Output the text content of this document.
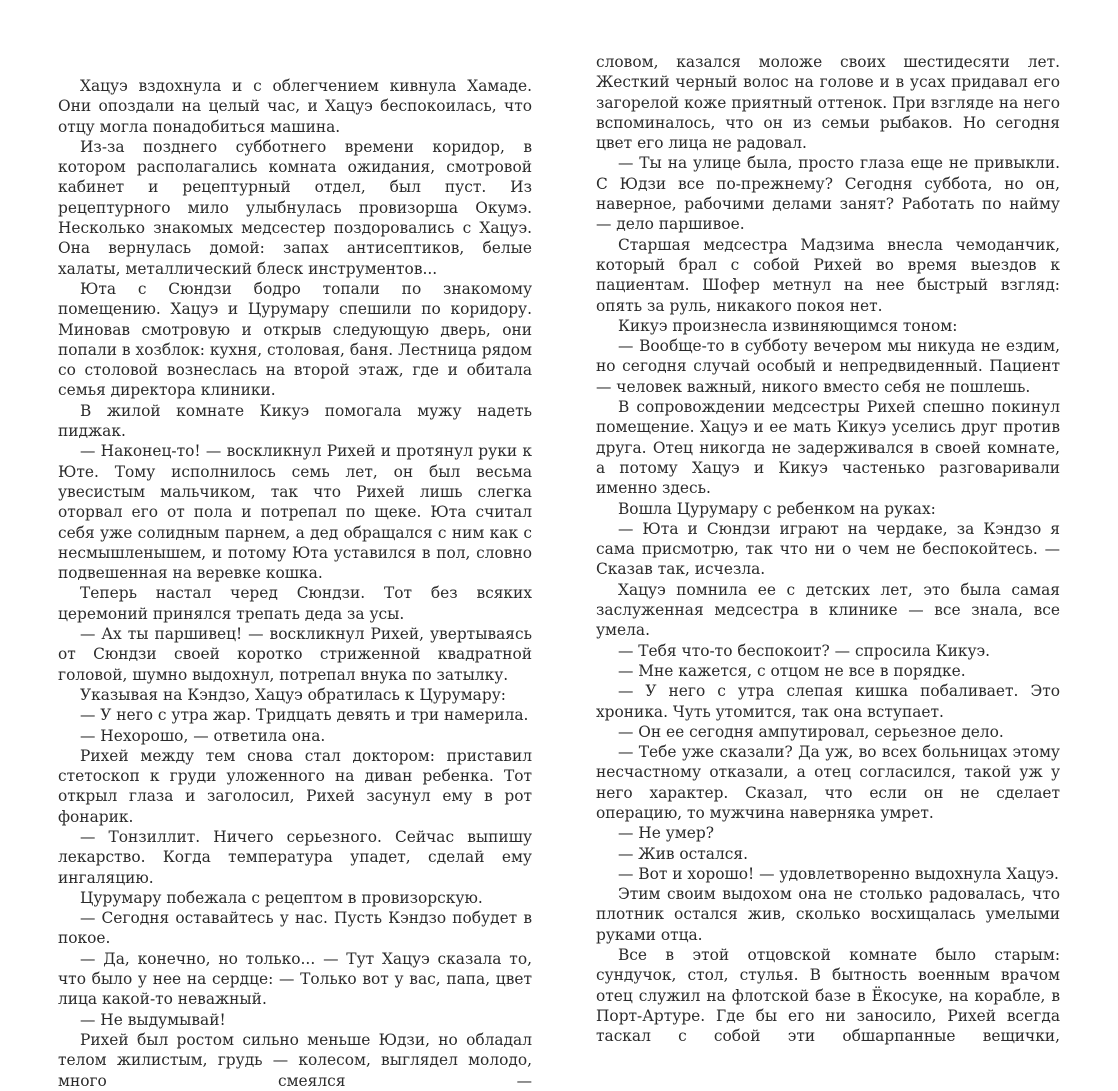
Хацуэ вздохнула и с облегчением кивнула Хамаде. Они опоздали на целый час, и Хацуэ беспокоилась, что отцу могла понадобиться машина.

Из-за позднего субботнего времени коридор, в котором располагались комната ожидания, смотровой кабинет и рецептурный отдел, был пуст. Из рецептурного мило улыбнулась провизорша Окумэ. Несколько знакомых медсестер поздоровались с Хацуэ. Она вернулась домой: запах антисептиков, белые халаты, металлический блеск инструментов...

Юта с Сюндзи бодро топали по знакомому помещению. Хацуэ и Цурумару спешили по коридору. Миновав смотровую и открыв следующую дверь, они попали в хозблок: кухня, столовая, баня. Лестница рядом со столовой вознеслась на второй этаж, где и обитала семья директора клиники.

В жилой комнате Кикуэ помогала мужу надеть пиджак.

— Наконец-то! — воскликнул Рихей и протянул руки к Юте. Тому исполнилось семь лет, он был весьма увесистым мальчиком, так что Рихей лишь слегка оторвал его от пола и потрепал по щеке. Юта считал себя уже солидным парнем, а дед обращался с ним как с несмышленышем, и потому Юта уставился в пол, словно подвешенная на веревке кошка.

Теперь настал черед Сюндзи. Тот без всяких церемоний принялся трепать деда за усы.

— Ах ты паршивец! — воскликнул Рихей, увертываясь от Сюндзи своей коротко стриженной квадратной головой, шумно выдохнул, потрепал внука по затылку.

Указывая на Кэндзо, Хацуэ обратилась к Цурумару:

— У него с утра жар. Тридцать девять и три намерила.

— Нехорошо, — ответила она.

Рихей между тем снова стал доктором: приставил стетоскоп к груди уложенного на диван ребенка. Тот открыл глаза и заголосил, Рихей засунул ему в рот фонарик.

— Тонзиллит. Ничего серьезного. Сейчас выпишу лекарство. Когда температура упадет, сделай ему ингаляцию.

Цурумару побежала с рецептом в провизорскую.

— Сегодня оставайтесь у нас. Пусть Кэндзо побудет в покое.

— Да, конечно, но только... — Тут Хацуэ сказала то, что было у нее на сердце: — Только вот у вас, папа, цвет лица какой-то неважный.

— Не выдумывай!

Рихей был ростом сильно меньше Юдзи, но обладал телом жилистым, грудь — колесом, выглядел молодо, много смеялся —

словом, казался моложе своих шестидесяти лет. Жесткий черный волос на голове и в усах придавал его загорелой коже приятный оттенок. При взгляде на него вспоминалось, что он из семьи рыбаков. Но сегодня цвет его лица не радовал.

— Ты на улице была, просто глаза еще не привыкли. С Юдзи все по-прежнему? Сегодня суббота, но он, наверное, рабочими делами занят? Работать по найму — дело паршивое.

Старшая медсестра Мадзима внесла чемоданчик, который брал с собой Рихей во время выездов к пациентам. Шофер метнул на нее быстрый взгляд: опять за руль, никакого покоя нет.

Кикуэ произнесла извиняющимся тоном:

— Вообще-то в субботу вечером мы никуда не ездим, но сегодня случай особый и непредвиденный. Пациент — человек важный, никого вместо себя не пошлешь.

В сопровождении медсестры Рихей спешно покинул помещение. Хацуэ и ее мать Кикуэ уселись друг против друга. Отец никогда не задерживался в своей комнате, а потому Хацуэ и Кикуэ частенько разговаривали именно здесь.

Вошла Цурумару с ребенком на руках:

— Юта и Сюндзи играют на чердаке, за Кэндзо я сама присмотрю, так что ни о чем не беспокойтесь. — Сказав так, исчезла.

Хацуэ помнила ее с детских лет, это была самая заслуженная медсестра в клинике — все знала, все умела.

— Тебя что-то беспокоит? — спросила Кикуэ.

— Мне кажется, с отцом не все в порядке.

— У него с утра слепая кишка побаливает. Это хроника. Чуть утомится, так она вступает.

— Он ее сегодня ампутировал, серьезное дело.

— Тебе уже сказали? Да уж, во всех больницах этому несчастному отказали, а отец согласился, такой уж у него характер. Сказал, что если он не сделает операцию, то мужчина наверняка умрет.

— Не умер?

— Жив остался.

— Вот и хорошо! — удовлетворенно выдохнула Хацуэ.

Этим своим выдохом она не столько радовалась, что плотник остался жив, сколько восхищалась умелыми руками отца.

Все в этой отцовской комнате было старым: сундучок, стол, стулья. В бытность военным врачом отец служил на флотской базе в Ёкосуке, на корабле, в Порт-Артуре. Где бы его ни заносило, Рихей всегда таскал с собой эти обшарпанные вещички,
